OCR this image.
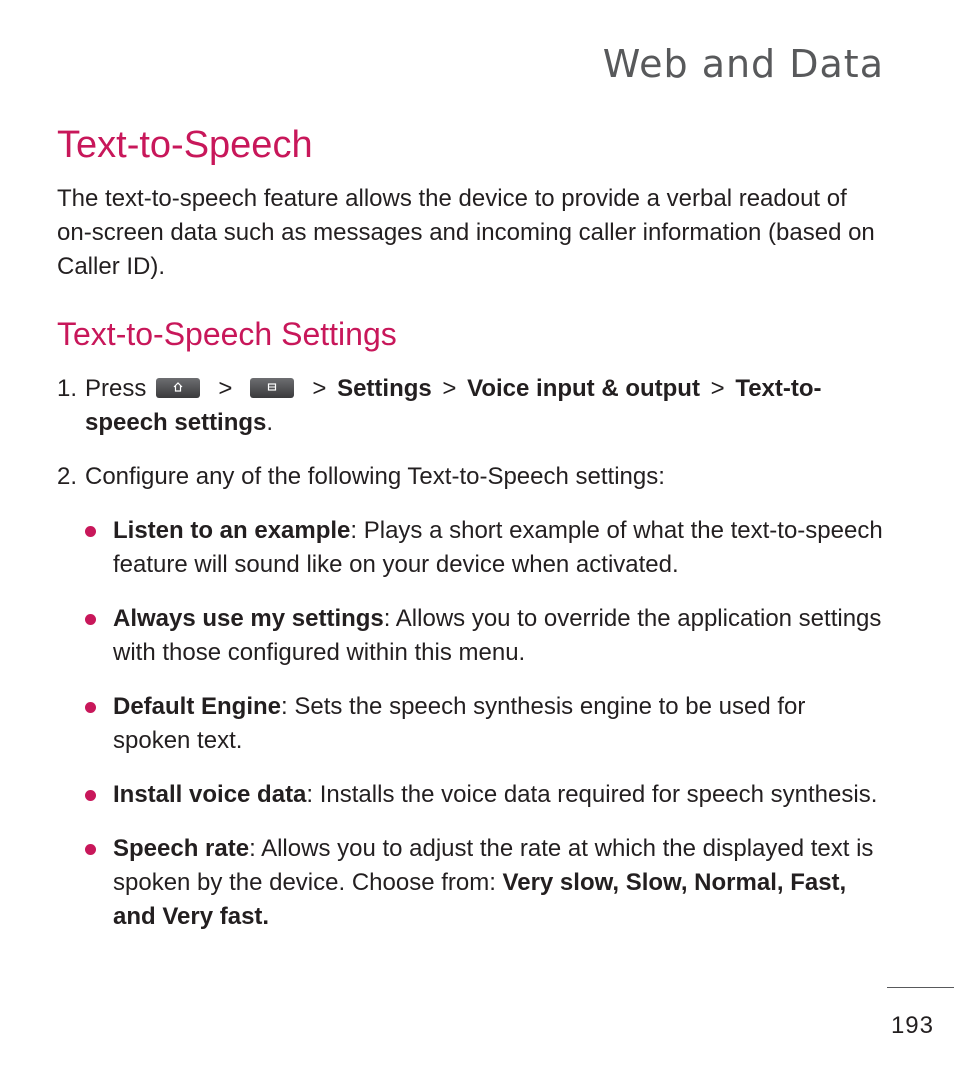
Web and Data
Text-to-Speech

The text-to-speech feature allows the device to provide a verbal readout of on-screen data such as messages and incoming caller information (based on Caller ID).

Text-to-Speech Settings
1. Press	>	> Settings > Voice input & output > Text-to-speech settings.
2. Configure any of the following Text-to-Speech settings:
Listen to an example: Plays a short example of what the text-to-speech feature will sound like on your device when activated.
Always use my settings: Allows you to override the application settings with those configured within this menu.
Default Engine: Sets the speech synthesis engine to be used for spoken text.
Install voice data: Installs the voice data required for speech synthesis.
Speech rate: Allows you to adjust the rate at which the displayed text is spoken by the device. Choose from: Very slow, Slow, Normal, Fast, and Very fast.
193
